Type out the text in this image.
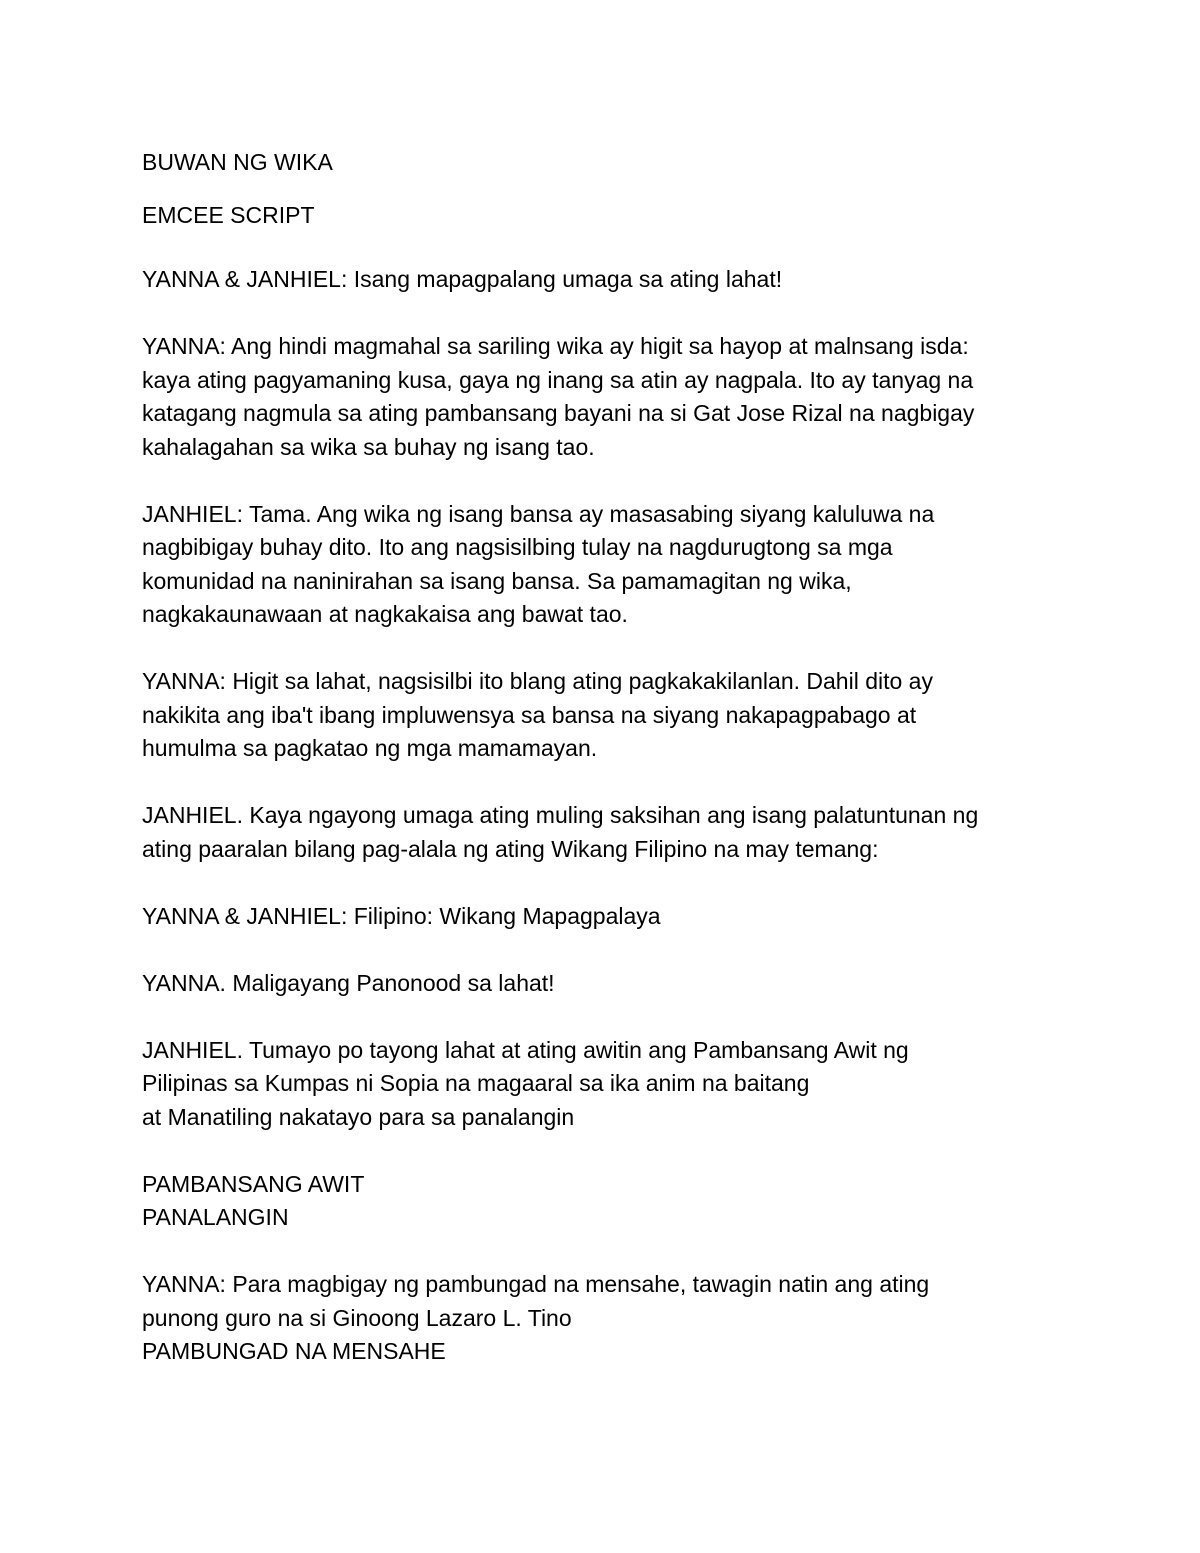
BUWAN NG WIKA

EMCEE SCRIPT

YANNA & JANHIEL: Isang mapagpalang umaga sa ating lahat!

YANNA: Ang hindi magmahal sa sariling wika ay higit sa hayop at malnsang isda:
kaya ating pagyamaning kusa, gaya ng inang sa atin ay nagpala. Ito ay tanyag na
katagang nagmula sa ating pambansang bayani na si Gat Jose Rizal na nagbigay
kahalagahan sa wika sa buhay ng isang tao.

JANHIEL: Tama. Ang wika ng isang bansa ay masasabing siyang kaluluwa na
nagbibigay buhay dito. Ito ang nagsisilbing tulay na nagdurugtong sa mga
komunidad na naninirahan sa isang bansa. Sa pamamagitan ng wika,
nagkakaunawaan at nagkakaisa ang bawat tao.

YANNA: Higit sa lahat, nagsisilbi ito blang ating pagkakakilanlan. Dahil dito ay
nakikita ang iba't ibang impluwensya sa bansa na siyang nakapagpabago at
humulma sa pagkatao ng mga mamamayan.

JANHIEL. Kaya ngayong umaga ating muling saksihan ang isang palatuntunan ng
ating paaralan bilang pag-alala ng ating Wikang Filipino na may temang:

YANNA & JANHIEL: Filipino: Wikang Mapagpalaya

YANNA. Maligayang Panonood sa lahat!

JANHIEL. Tumayo po tayong lahat at ating awitin ang Pambansang Awit ng
Pilipinas sa Kumpas ni Sopia na magaaral sa ika anim na baitang
at Manatiling nakatayo para sa panalangin

PAMBANSANG AWIT
PANALANGIN

YANNA: Para magbigay ng pambungad na mensahe, tawagin natin ang ating
punong guro na si Ginoong Lazaro L. Tino
PAMBUNGAD NA MENSAHE
